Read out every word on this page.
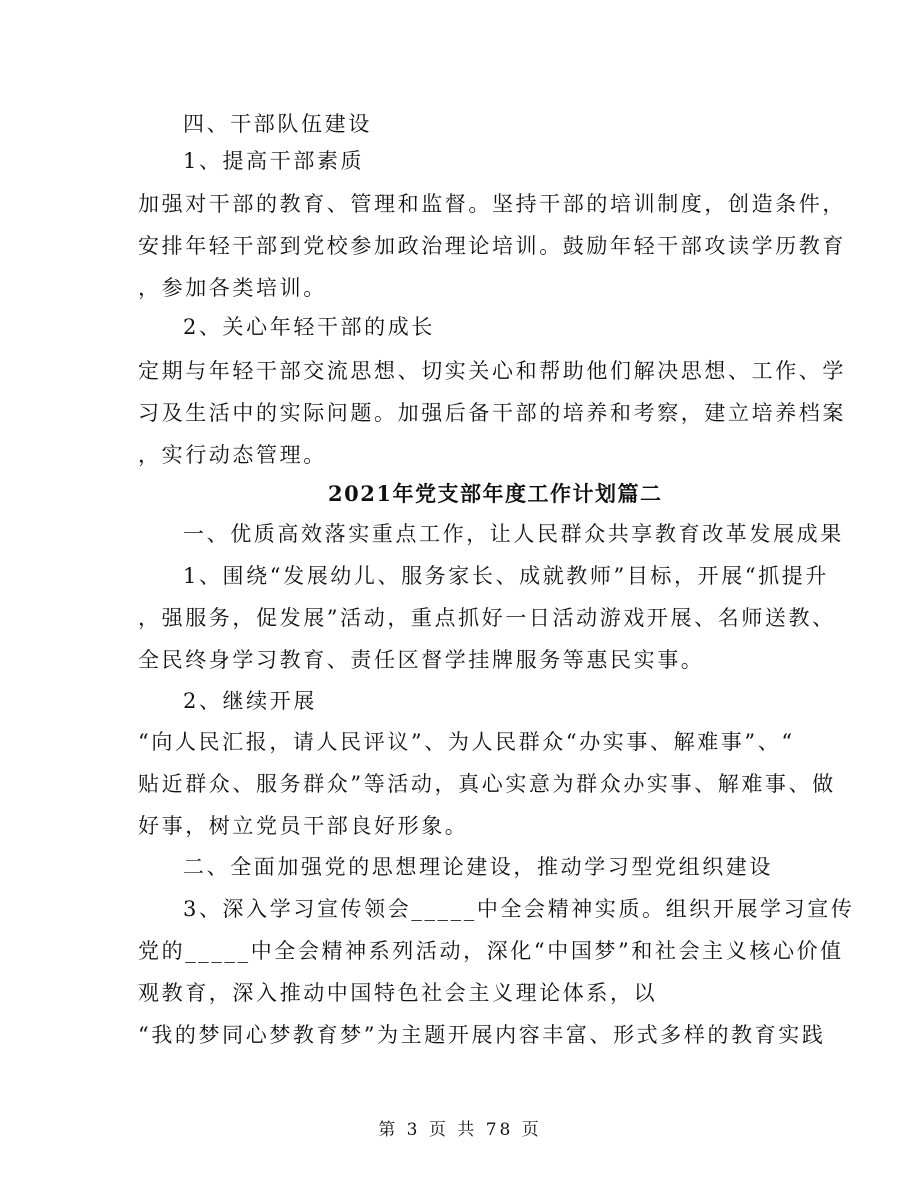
四、干部队伍建设
1、提高干部素质
加强对干部的教育、管理和监督。坚持干部的培训制度，创造条件，
安排年轻干部到党校参加政治理论培训。鼓励年轻干部攻读学历教育
，参加各类培训。
2、关心年轻干部的成长
定期与年轻干部交流思想、切实关心和帮助他们解决思想、工作、学
习及生活中的实际问题。加强后备干部的培养和考察，建立培养档案
，实行动态管理。
2021年党支部年度工作计划篇二
一、优质高效落实重点工作，让人民群众共享教育改革发展成果
1、围绕“发展幼儿、服务家长、成就教师”目标，开展“抓提升
，强服务，促发展”活动，重点抓好一日活动游戏开展、名师送教、
全民终身学习教育、责任区督学挂牌服务等惠民实事。
2、继续开展
“向人民汇报，请人民评议”、为人民群众“办实事、解难事”、“
贴近群众、服务群众”等活动，真心实意为群众办实事、解难事、做
好事，树立党员干部良好形象。
二、全面加强党的思想理论建设，推动学习型党组织建设
3、深入学习宣传领会_____中全会精神实质。组织开展学习宣传
党的_____中全会精神系列活动，深化“中国梦”和社会主义核心价值
观教育，深入推动中国特色社会主义理论体系，以
“我的梦同心梦教育梦”为主题开展内容丰富、形式多样的教育实践
第 3 页 共 78 页
